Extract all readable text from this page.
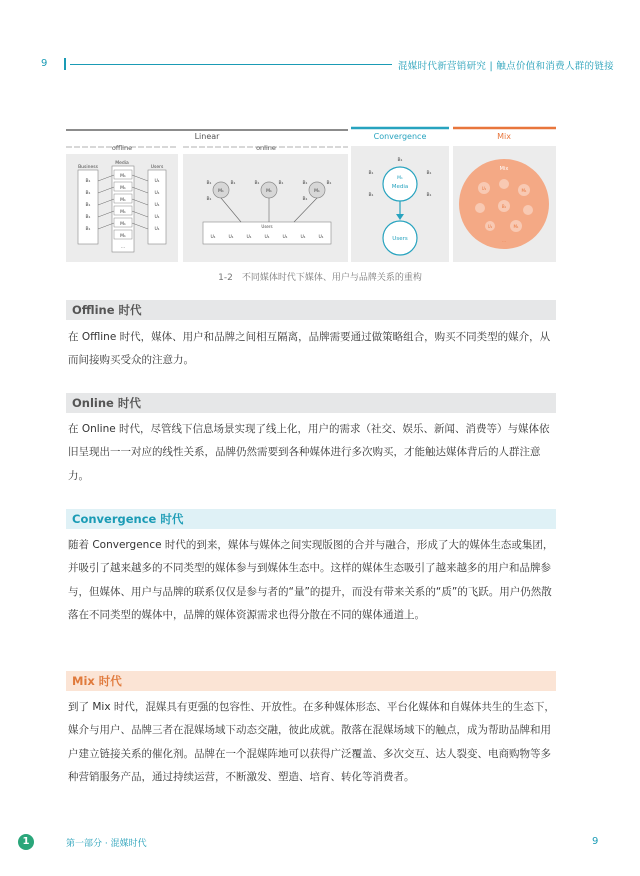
9	混媒时代新营销研究 | 触点价值和消费人群的链接
Linear	Convergence	Mix
offline	online
Business
Media
Users
B₁
B₁
B₁
B₁
B₁
U₁
U₁
U₁
U₁
U₁
M₁
M₁
M₁
M₁
M₁
M₁
...
M₁	M₁	M₁
B₁	B₁	B₁	B₁	B₁	B₁
B₁	B₁
Users
U₁	U₁	U₁	U₁	U₁	U₁	U₁
M₁
Media
B₁
B₁	B₁
B₁	B₁
Users
Mix
U₁	M₁
B₁
U₁	M₁
...
1-2　不同媒体时代下媒体、用户与品牌关系的重构
Offline 时代

在 Offline 时代，媒体、用户和品牌之间相互隔离，品牌需要通过做策略组合，购买不同类型的媒介，从而间接购买受众的注意力。

Online 时代

在 Online 时代，尽管线下信息场景实现了线上化，用户的需求（社交、娱乐、新闻、消费等）与媒体依旧呈现出一一对应的线性关系，品牌仍然需要到各种媒体进行多次购买，才能触达媒体背后的人群注意力。

Convergence 时代

随着 Convergence 时代的到来，媒体与媒体之间实现版图的合并与融合，形成了大的媒体生态或集团，并吸引了越来越多的不同类型的媒体参与到媒体生态中。这样的媒体生态吸引了越来越多的用户和品牌参与，但媒体、用户与品牌的联系仅仅是参与者的“量”的提升，而没有带来关系的“质”的飞跃。用户仍然散落在不同类型的媒体中，品牌的媒体资源需求也得分散在不同的媒体通道上。

Mix 时代

到了 Mix 时代，混媒具有更强的包容性、开放性。在多种媒体形态、平台化媒体和自媒体共生的生态下，媒介与用户、品牌三者在混媒场域下动态交融，彼此成就。散落在混媒场域下的触点，成为帮助品牌和用户建立链接关系的催化剂。品牌在一个混媒阵地可以获得广泛覆盖、多次交互、达人裂变、电商购物等多种营销服务产品，通过持续运营，不断激发、塑造、培育、转化等消费者。

1	第一部分 · 混媒时代	9
